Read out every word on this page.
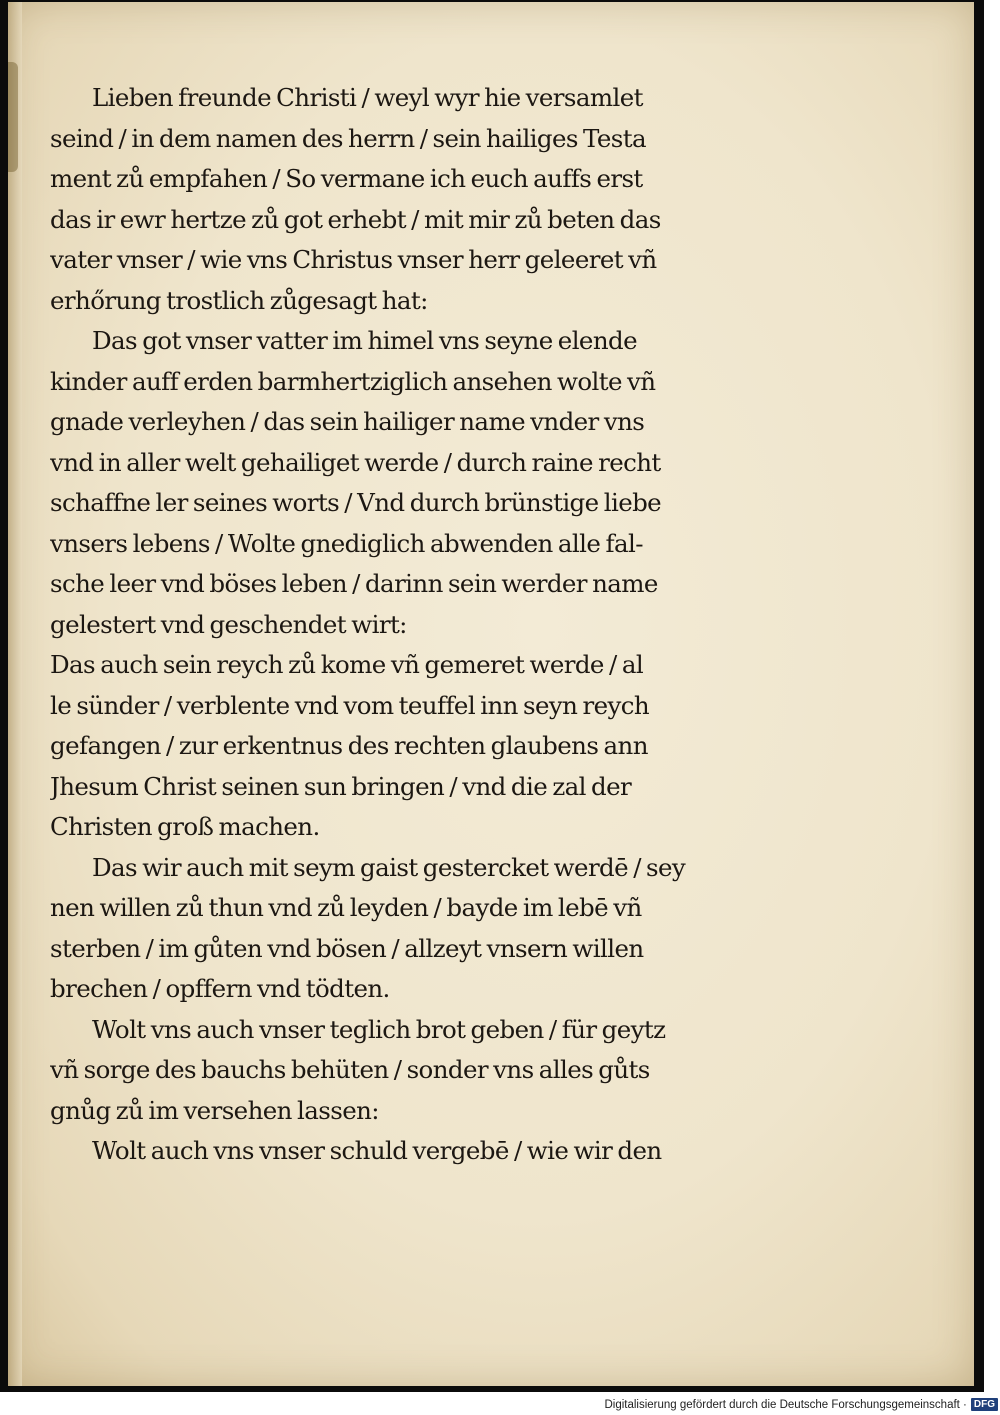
Lieben freunde Christi / weyl wyr hie versamlet
seind / in dem namen des herrn / sein hailiges Testa
ment zů empfahen / So vermane ich euch auffs erst
das ir ewr hertze zů got erhebt / mit mir zů beten das
vater vnser / wie vns Christus vnser herr geleeret vñ
erhőrung trostlich zůgesagt hat:
Das got vnser vatter im himel vns seyne elende
kinder auff erden barmhertziglich ansehen wolte vñ
gnade verleyhen / das sein hailiger name vnder vns
vnd in aller welt gehailiget werde / durch raine recht
schaffne ler seines worts / Vnd durch brünstige liebe
vnsers lebens / Wolte gnediglich abwenden alle fal-
sche leer vnd böses leben / darinn sein werder name
gelestert vnd geschendet wirt:
Das auch sein reych zů kome vñ gemeret werde / al
le sünder / verblente vnd vom teuffel inn seyn reych
gefangen / zur erkentnus des rechten glaubens ann
Jhesum Christ seinen sun bringen / vnd die zal der
Christen groß machen.
Das wir auch mit seym gaist gestercket werdē / sey
nen willen zů thun vnd zů leyden / bayde im lebē vñ
sterben / im gůten vnd bösen / allzeyt vnsern willen
brechen / opffern vnd tödten.
Wolt vns auch vnser teglich brot geben / für geytz
vñ sorge des bauchs behüten / sonder vns alles gůts
gnůg zů im versehen lassen:
Wolt auch vns vnser schuld vergebē / wie wir den
Digitalisierung gefördert durch die Deutsche Forschungsgemeinschaft · DFG
